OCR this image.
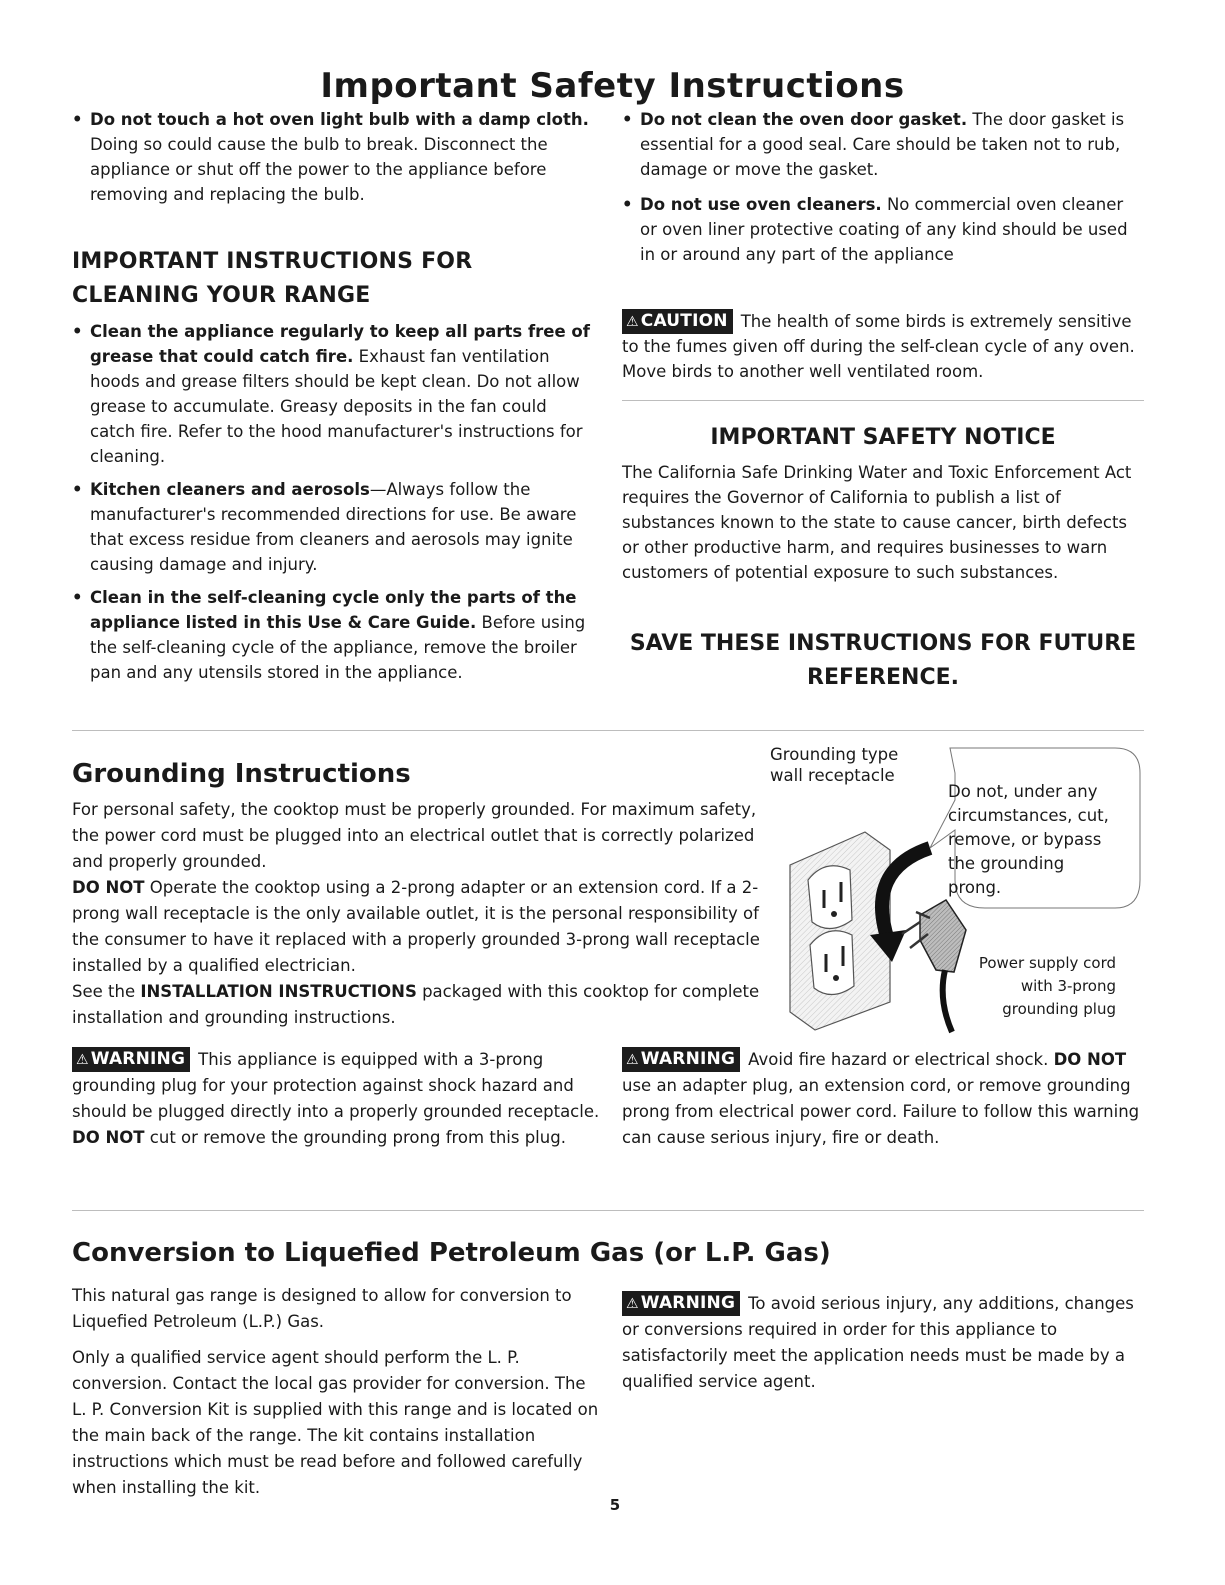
Important Safety Instructions

• Do not touch a hot oven light bulb with a damp cloth. Doing so could cause the bulb to break. Disconnect the appliance or shut off the power to the appliance before removing and replacing the bulb.

IMPORTANT INSTRUCTIONS FOR CLEANING YOUR RANGE

• Clean the appliance regularly to keep all parts free of grease that could catch fire. Exhaust fan ventilation hoods and grease filters should be kept clean. Do not allow grease to accumulate. Greasy deposits in the fan could catch fire. Refer to the hood manufacturer's instructions for cleaning.

• Kitchen cleaners and aerosols—Always follow the manufacturer's recommended directions for use. Be aware that excess residue from cleaners and aerosols may ignite causing damage and injury.

• Clean in the self-cleaning cycle only the parts of the appliance listed in this Use & Care Guide. Before using the self-cleaning cycle of the appliance, remove the broiler pan and any utensils stored in the appliance.

• Do not clean the oven door gasket. The door gasket is essential for a good seal. Care should be taken not to rub, damage or move the gasket.

• Do not use oven cleaners. No commercial oven cleaner or oven liner protective coating of any kind should be used in or around any part of the appliance

⚠ CAUTION The health of some birds is extremely sensitive to the fumes given off during the self-clean cycle of any oven. Move birds to another well ventilated room.

IMPORTANT SAFETY NOTICE

The California Safe Drinking Water and Toxic Enforcement Act requires the Governor of California to publish a list of substances known to the state to cause cancer, birth defects or other productive harm, and requires businesses to warn customers of potential exposure to such substances.

SAVE THESE INSTRUCTIONS FOR FUTURE REFERENCE.
Grounding Instructions

For personal safety, the cooktop must be properly grounded. For maximum safety, the power cord must be plugged into an electrical outlet that is correctly polarized and properly grounded.
DO NOT Operate the cooktop using a 2-prong adapter or an extension cord. If a 2-prong wall receptacle is the only available outlet, it is the personal responsibility of the consumer to have it replaced with a properly grounded 3-prong wall receptacle installed by a qualified electrician.
See the INSTALLATION INSTRUCTIONS packaged with this cooktop for complete installation and grounding instructions.

Grounding type wall receptacle

Do not, under any circumstances, cut, remove, or bypass the grounding prong.

Power supply cord with 3-prong grounding plug

⚠ WARNING This appliance is equipped with a 3-prong grounding plug for your protection against shock hazard and should be plugged directly into a properly grounded receptacle. DO NOT cut or remove the grounding prong from this plug.

⚠ WARNING Avoid fire hazard or electrical shock. DO NOT use an adapter plug, an extension cord, or remove grounding prong from electrical power cord. Failure to follow this warning can cause serious injury, fire or death.

Conversion to Liquefied Petroleum Gas (or L.P. Gas)

This natural gas range is designed to allow for conversion to Liquefied Petroleum (L.P.) Gas.

Only a qualified service agent should perform the L. P. conversion. Contact the local gas provider for conversion. The L. P. Conversion Kit is supplied with this range and is located on the main back of the range. The kit contains installation instructions which must be read before and followed carefully when installing the kit.

⚠ WARNING To avoid serious injury, any additions, changes or conversions required in order for this appliance to satisfactorily meet the application needs must be made by a qualified service agent.

5
